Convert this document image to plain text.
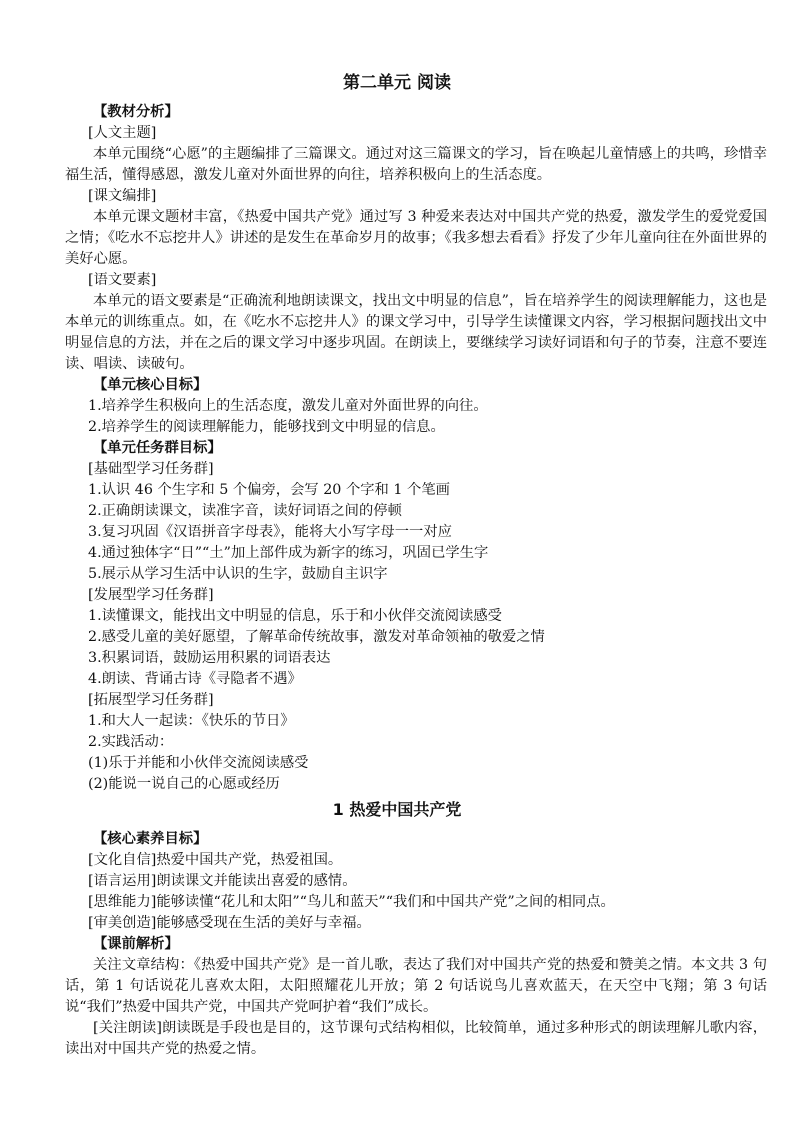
第二单元 阅读
【教材分析】
[人文主题]

本单元围绕“心愿”的主题编排了三篇课文。通过对这三篇课文的学习，旨在唤起儿童情感上的共鸣，珍惜幸福生活，懂得感恩，激发儿童对外面世界的向往，培养积极向上的生活态度。

[课文编排]

本单元课文题材丰富，《热爱中国共产党》通过写 3 种爱来表达对中国共产党的热爱，激发学生的爱党爱国之情；《吃水不忘挖井人》讲述的是发生在革命岁月的故事；《我多想去看看》抒发了少年儿童向往在外面世界的美好心愿。

[语文要素]

本单元的语文要素是“正确流利地朗读课文，找出文中明显的信息”，旨在培养学生的阅读理解能力，这也是本单元的训练重点。如，在《吃水不忘挖井人》的课文学习中，引导学生读懂课文内容，学习根据问题找出文中明显信息的方法，并在之后的课文学习中逐步巩固。在朗读上，要继续学习读好词语和句子的节奏，注意不要连读、唱读、读破句。

【单元核心目标】
1.培养学生积极向上的生活态度，激发儿童对外面世界的向往。
2.培养学生的阅读理解能力，能够找到文中明显的信息。
【单元任务群目标】
[基础型学习任务群]
1.认识 46 个生字和 5 个偏旁，会写 20 个字和 1 个笔画
2.正确朗读课文，读准字音，读好词语之间的停顿
3.复习巩固《汉语拼音字母表》，能将大小写字母一一对应
4.通过独体字“日”“土”加上部件成为新字的练习，巩固已学生字
5.展示从学习生活中认识的生字，鼓励自主识字
[发展型学习任务群]
1.读懂课文，能找出文中明显的信息，乐于和小伙伴交流阅读感受
2.感受儿童的美好愿望，了解革命传统故事，激发对革命领袖的敬爱之情
3.积累词语，鼓励运用积累的词语表达
4.朗读、背诵古诗《寻隐者不遇》
[拓展型学习任务群]
1.和大人一起读：《快乐的节日》
2.实践活动：
(1)乐于并能和小伙伴交流阅读感受
(2)能说一说自己的心愿或经历
1 热爱中国共产党
【核心素养目标】
[文化自信]热爱中国共产党，热爱祖国。
[语言运用]朗读课文并能读出喜爱的感情。
[思维能力]能够读懂“花儿和太阳”“鸟儿和蓝天”“我们和中国共产党”之间的相同点。
[审美创造]能够感受现在生活的美好与幸福。
【课前解析】

关注文章结构：《热爱中国共产党》是一首儿歌，表达了我们对中国共产党的热爱和赞美之情。本文共 3 句话，第 1 句话说花儿喜欢太阳，太阳照耀花儿开放；第 2 句话说鸟儿喜欢蓝天，在天空中飞翔；第 3 句话说“我们”热爱中国共产党，中国共产党呵护着“我们”成长。

[关注朗读]朗读既是手段也是目的，这节课句式结构相似，比较简单，通过多种形式的朗读理解儿歌内容，读出对中国共产党的热爱之情。
